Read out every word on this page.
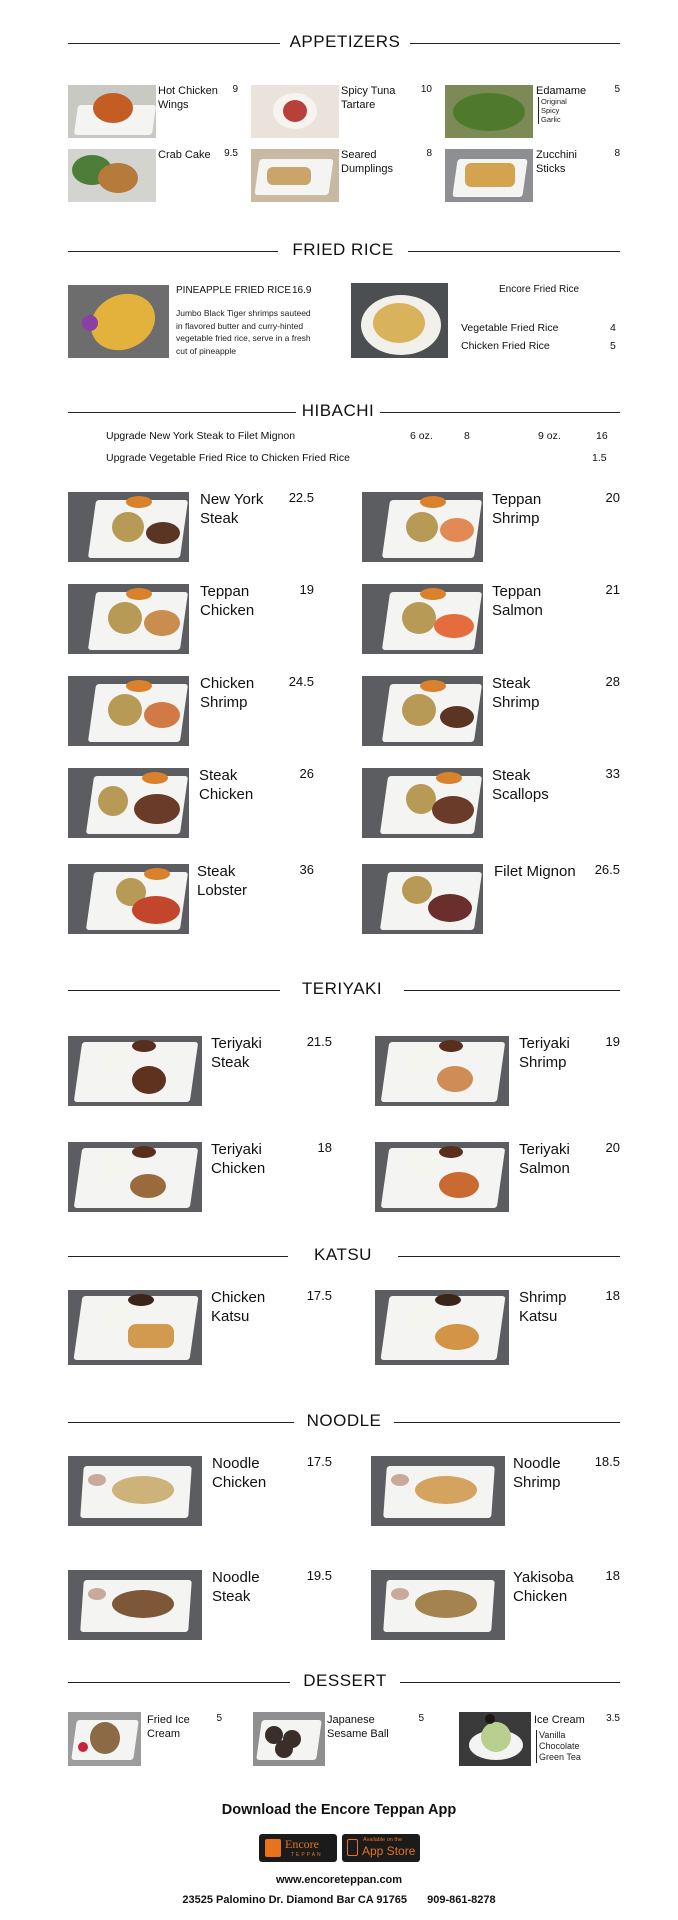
APPETIZERS
Hot Chicken Wings
9	Spicy Tuna Tartare
10	Edamame	5
Original
Spicy
Garlic
Crab Cake	9.5	Seared Dumplings
8	Zucchini Sticks
8
FRIED RICE
PINEAPPLE FRIED RICE 16.9
Jumbo Black Tiger shrimps sauteed in flavored butter and curry-hinted vegetable fried rice, serve in a fresh cut of pineapple
Encore Fried Rice
Vegetable Fried Rice	4
Chicken Fried Rice	5
HIBACHI
Upgrade New York Steak to Filet Mignon	6 oz.	8	9 oz.	16
Upgrade Vegetable Fried Rice to Chicken Fried Rice	1.5
New York Steak
22.5	Teppan Shrimp
20
Teppan Chicken
19	Teppan Salmon
21
Chicken Shrimp
24.5	Steak Shrimp
28
Steak Chicken
26	Steak Scallops
33
Steak Lobster
36	Filet Mignon	26.5
TERIYAKI
Teriyaki Steak
21.5	Teriyaki Shrimp
19
Teriyaki Chicken
18	Teriyaki Salmon
20
KATSU
Chicken Katsu
17.5	Shrimp Katsu
18
NOODLE
Noodle Chicken
17.5	Noodle Shrimp
18.5
Noodle Steak
19.5	Yakisoba Chicken
18
DESSERT
Fried Ice Cream
5	Japanese Sesame Ball
5	Ice Cream	3.5
Vanilla
Chocolate
Green Tea
Download the Encore Teppan App
Encore
TEPPAN
Available on the
App Store
www.encoreteppan.com
23525 Palomino Dr. Diamond Bar CA 91765 909-861-8278
